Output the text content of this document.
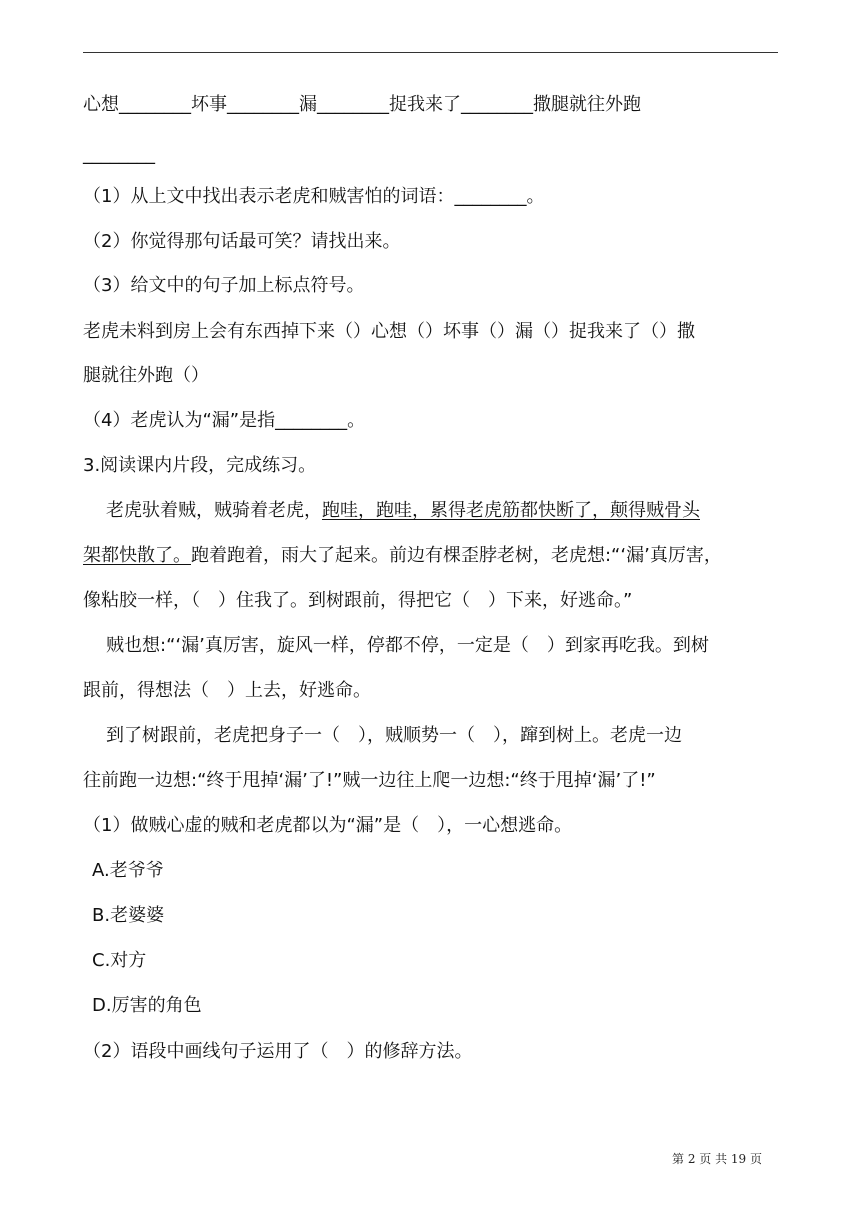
心想________坏事________漏________捉我来了________撒腿就往外跑
________
（1）从上文中找出表示老虎和贼害怕的词语：________。
（2）你觉得那句话最可笑？请找出来。
（3）给文中的句子加上标点符号。
老虎未料到房上会有东西掉下来（）心想（）坏事（）漏（）捉我来了（）撒
腿就往外跑（）
（4）老虎认为“漏”是指________。
3.阅读课内片段，完成练习。
老虎驮着贼，贼骑着老虎，跑哇，跑哇，累得老虎筋都快断了，颠得贼骨头
架都快散了。跑着跑着，雨大了起来。前边有棵歪脖老树，老虎想:“‘漏’真厉害，
像粘胶一样，（　）住我了。到树跟前，得把它（　）下来，好逃命。”
贼也想:“‘漏’真厉害，旋风一样，停都不停，一定是（　）到家再吃我。到树
跟前，得想法（　）上去，好逃命。
到了树跟前，老虎把身子一（　），贼顺势一（　），蹿到树上。老虎一边
往前跑一边想:“终于甩掉‘漏’了!”贼一边往上爬一边想:“终于甩掉‘漏’了!”
（1）做贼心虚的贼和老虎都以为“漏”是（　），一心想逃命。
A.老爷爷
B.老婆婆
C.对方
D.厉害的角色
（2）语段中画线句子运用了（　）的修辞方法。
第 2 页 共 19 页
